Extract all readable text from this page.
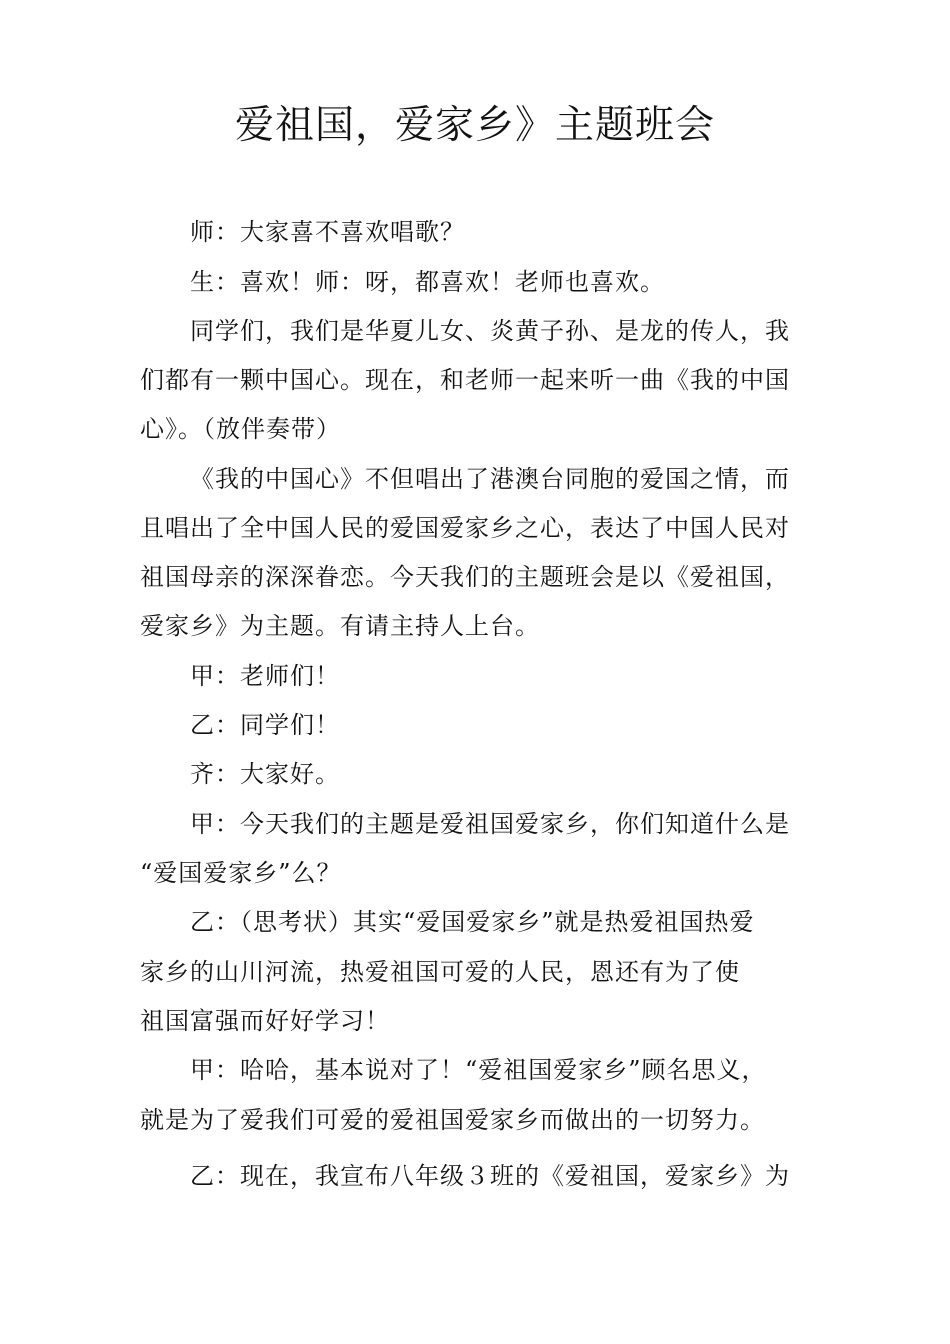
爱祖国，爱家乡》主题班会

师：大家喜不喜欢唱歌？

生：喜欢！师：呀，都喜欢！老师也喜欢。

同学们，我们是华夏儿女、炎黄子孙、是龙的传人，我

们都有一颗中国心。现在，和老师一起来听一曲《我的中国

心》。（放伴奏带）

《我的中国心》不但唱出了港澳台同胞的爱国之情，而

且唱出了全中国人民的爱国爱家乡之心，表达了中国人民对

祖国母亲的深深眷恋。今天我们的主题班会是以《爱祖国，

爱家乡》为主题。有请主持人上台。

甲：老师们！

乙：同学们！

齐：大家好。

甲：今天我们的主题是爱祖国爱家乡，你们知道什么是

“爱国爱家乡”么？

乙：（思考状）其实“爱国爱家乡”就是热爱祖国热爱

家乡的山川河流，热爱祖国可爱的人民，恩还有为了使

祖国富强而好好学习！

甲：哈哈，基本说对了！“爱祖国爱家乡”顾名思义，

就是为了爱我们可爱的爱祖国爱家乡而做出的一切努力。

乙：现在，我宣布八年级３班的《爱祖国，爱家乡》为
